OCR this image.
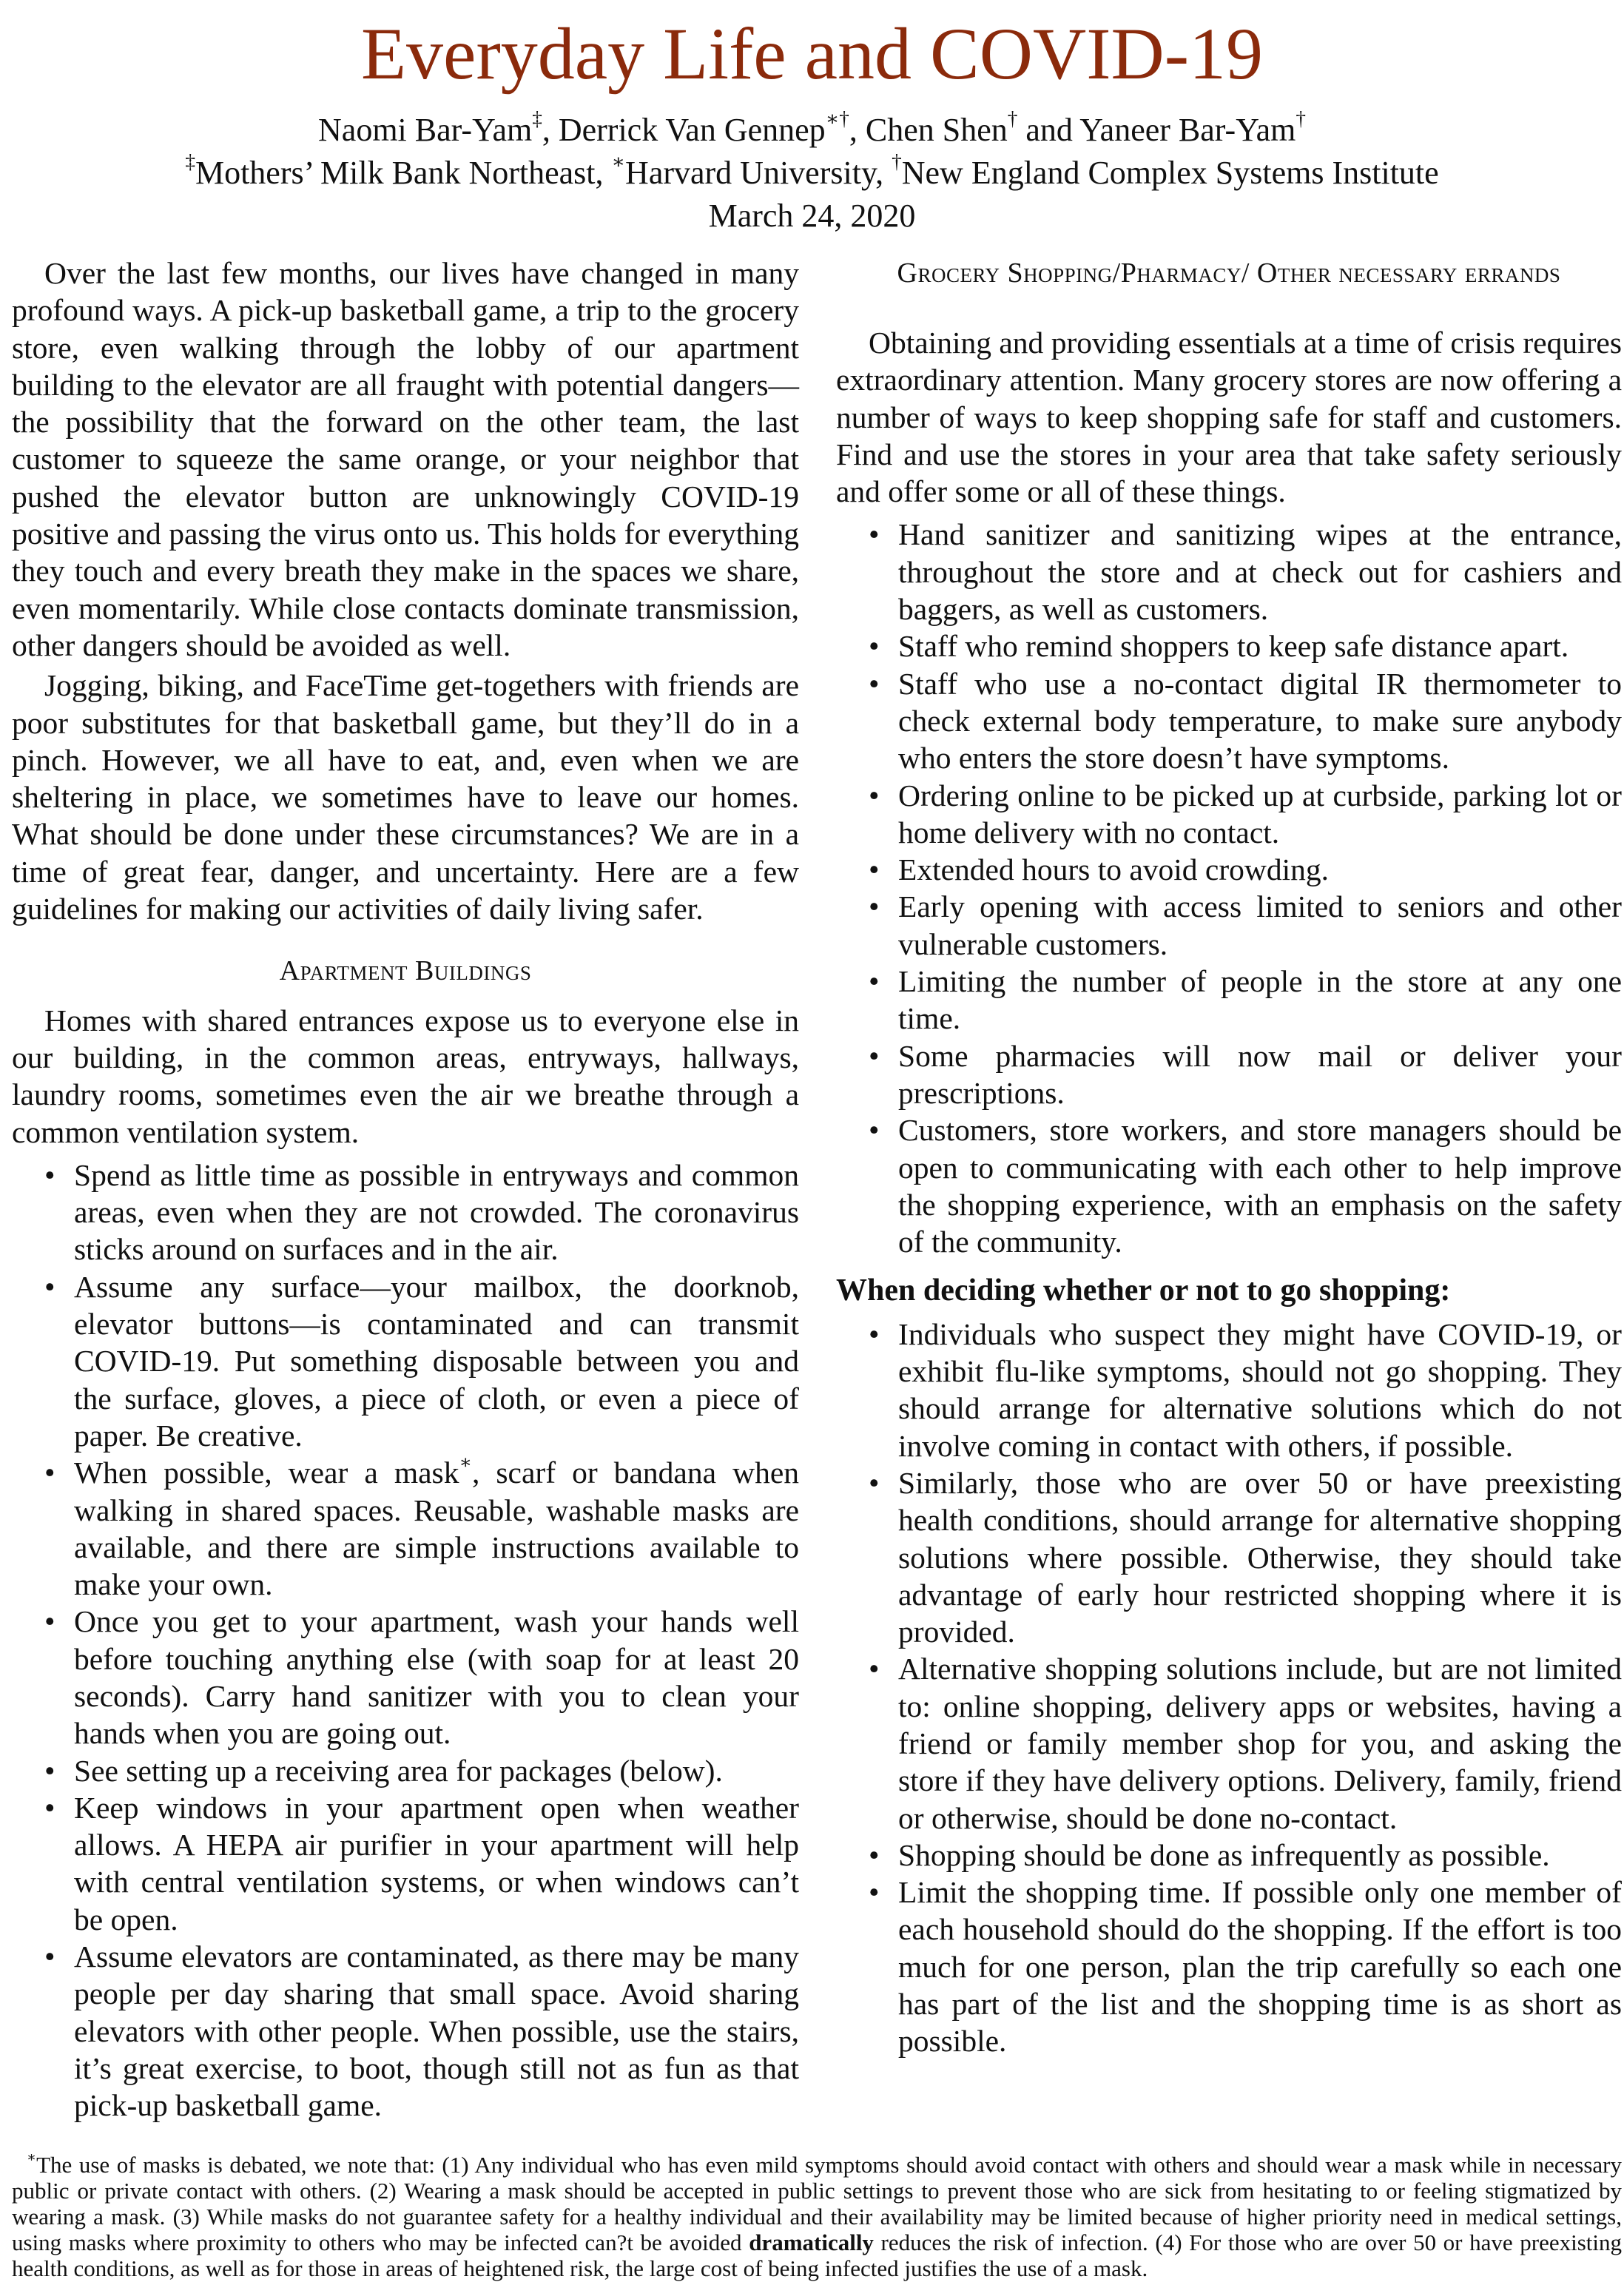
Everyday Life and COVID-19
Naomi Bar-Yam‡, Derrick Van Gennep∗†, Chen Shen† and Yaneer Bar-Yam†
‡Mothers’ Milk Bank Northeast, ∗Harvard University, †New England Complex Systems Institute
March 24, 2020

Over the last few months, our lives have changed in many profound ways. A pick-up basketball game, a trip to the grocery store, even walking through the lobby of our apartment building to the elevator are all fraught with potential dangers—the possibility that the forward on the other team, the last customer to squeeze the same orange, or your neighbor that pushed the elevator button are unknowingly COVID-19 positive and passing the virus onto us. This holds for everything they touch and every breath they make in the spaces we share, even momentarily. While close contacts dominate transmission, other dangers should be avoided as well.

Jogging, biking, and FaceTime get-togethers with friends are poor substitutes for that basketball game, but they’ll do in a pinch. However, we all have to eat, and, even when we are sheltering in place, we sometimes have to leave our homes. What should be done under these circumstances? We are in a time of great fear, danger, and uncertainty. Here are a few guidelines for making our activities of daily living safer.

Apartment Buildings

Homes with shared entrances expose us to everyone else in our building, in the common areas, entryways, hallways, laundry rooms, sometimes even the air we breathe through a common ventilation system.

• Spend as little time as possible in entryways and common areas, even when they are not crowded. The coronavirus sticks around on surfaces and in the air.
• Assume any surface—your mailbox, the doorknob, elevator buttons—is contaminated and can transmit COVID-19. Put something disposable between you and the surface, gloves, a piece of cloth, or even a piece of paper. Be creative.
• When possible, wear a mask∗, scarf or bandana when walking in shared spaces. Reusable, washable masks are available, and there are simple instructions available to make your own.
• Once you get to your apartment, wash your hands well before touching anything else (with soap for at least 20 seconds). Carry hand sanitizer with you to clean your hands when you are going out.
• See setting up a receiving area for packages (below).
• Keep windows in your apartment open when weather allows. A HEPA air purifier in your apartment will help with central ventilation systems, or when windows can’t be open.
• Assume elevators are contaminated, as there may be many people per day sharing that small space. Avoid sharing elevators with other people. When possible, use the stairs, it’s great exercise, to boot, though still not as fun as that pick-up basketball game.
Grocery Shopping/Pharmacy/ Other necessary errands

Obtaining and providing essentials at a time of crisis requires extraordinary attention. Many grocery stores are now offering a number of ways to keep shopping safe for staff and customers. Find and use the stores in your area that take safety seriously and offer some or all of these things.

• Hand sanitizer and sanitizing wipes at the entrance, throughout the store and at check out for cashiers and baggers, as well as customers.
• Staff who remind shoppers to keep safe distance apart.
• Staff who use a no-contact digital IR thermometer to check external body temperature, to make sure anybody who enters the store doesn’t have symptoms.
• Ordering online to be picked up at curbside, parking lot or home delivery with no contact.
• Extended hours to avoid crowding.
• Early opening with access limited to seniors and other vulnerable customers.
• Limiting the number of people in the store at any one time.
• Some pharmacies will now mail or deliver your prescriptions.
• Customers, store workers, and store managers should be open to communicating with each other to help improve the shopping experience, with an emphasis on the safety of the community.
When deciding whether or not to go shopping:
• Individuals who suspect they might have COVID-19, or exhibit flu-like symptoms, should not go shopping. They should arrange for alternative solutions which do not involve coming in contact with others, if possible.
• Similarly, those who are over 50 or have preexisting health conditions, should arrange for alternative shopping solutions where possible. Otherwise, they should take advantage of early hour restricted shopping where it is provided.
• Alternative shopping solutions include, but are not limited to: online shopping, delivery apps or websites, having a friend or family member shop for you, and asking the store if they have delivery options. Delivery, family, friend or otherwise, should be done no-contact.
• Shopping should be done as infrequently as possible.
• Limit the shopping time. If possible only one member of each household should do the shopping. If the effort is too much for one person, plan the trip carefully so each one has part of the list and the shopping time is as short as possible.
∗The use of masks is debated, we note that: (1) Any individual who has even mild symptoms should avoid contact with others and should wear a mask while in necessary public or private contact with others. (2) Wearing a mask should be accepted in public settings to prevent those who are sick from hesitating to or feeling stigmatized by wearing a mask. (3) While masks do not guarantee safety for a healthy individual and their availability may be limited because of higher priority need in medical settings, using masks where proximity to others who may be infected can?t be avoided dramatically reduces the risk of infection. (4) For those who are over 50 or have preexisting health conditions, as well as for those in areas of heightened risk, the large cost of being infected justifies the use of a mask.
